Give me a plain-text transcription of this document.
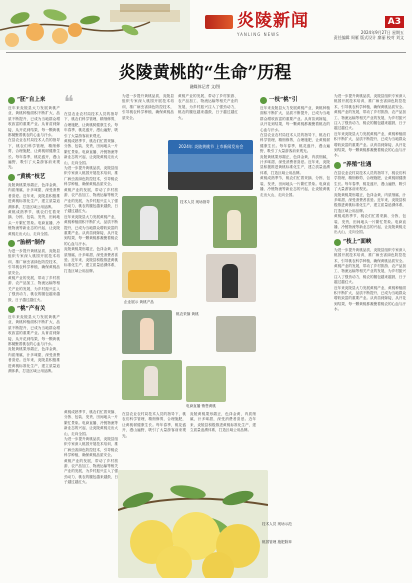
炎陵新闻
YANLING NEWS
A3
2024年9月27日 星期五
责任编辑 周雁 版式设计 廖丽 校对 刘文
炎陵黄桃的“生命”历程
融媒体记者 文/图
“胚”自上来
近年来炎陵县大力发展黄桃产业，黄桃种植面积不断扩大，品质不断提升，已成为当地群众增收致富的重要产业。从育苗到嫁接，从开花到结果，每一颗黄桃都凝聚着桃农的心血与汗水。
在县农业农村局技术人员的指导下，桃农们科学管理，精细修剪，合理施肥，让黄桃树健康生长。每年春季，桃花盛开，漫山遍野，吸引了大量游客前来观光。
“黄桃”枝艺
炎陵黄桃果形端正，色泽金黄，肉质细腻，汁多味甜，深受消费者喜爱。近年来，炎陵县积极推进黄桃标准化生产，建立质量追溯体系，打造区域公用品牌。
黄桃成熟季节，桃农们忙着采摘、分拣、包装、发货，田间地头一片繁忙景象。电商直播、冷链物流等新业态的兴起，让炎陵黄桃走出大山，走向全国。
“胎柄”制作
为进一步提升黄桃品质，炎陵县组织专家深入桃园开展技术培训，推广病虫害绿色防控技术，引导桃农科学种植，确保黄桃品质安全。
黄桃产业的发展，带动了乡村旅游、农产品加工、物流运输等相关产业的发展，为乡村振兴注入了强劲动力，桃农的腰包越来越鼓，日子越过越红火。
“桃”产有关
近年来炎陵县大力发展黄桃产业，黄桃种植面积不断扩大，品质不断提升，已成为当地群众增收致富的重要产业。从育苗到嫁接，从开花到结果，每一颗黄桃都凝聚着桃农的心血与汗水。
炎陵黄桃果形端正，色泽金黄，肉质细腻，汁多味甜，深受消费者喜爱。近年来，炎陵县积极推进黄桃标准化生产，建立质量追溯体系，打造区域公用品牌。
❝
在县农业农村局技术人员的指导下，桃农们科学管理，精细修剪，合理施肥，让黄桃树健康生长。每年春季，桃花盛开，漫山遍野，吸引了大量游客前来观光。
黄桃成熟季节，桃农们忙着采摘、分拣、包装、发货，田间地头一片繁忙景象。电商直播、冷链物流等新业态的兴起，让炎陵黄桃走出大山，走向全国。
为进一步提升黄桃品质，炎陵县组织专家深入桃园开展技术培训，推广病虫害绿色防控技术，引导桃农科学种植，确保黄桃品质安全。
黄桃产业的发展，带动了乡村旅游、农产品加工、物流运输等相关产业的发展，为乡村振兴注入了强劲动力，桃农的腰包越来越鼓，日子越过越红火。
近年来炎陵县大力发展黄桃产业，黄桃种植面积不断扩大，品质不断提升，已成为当地群众增收致富的重要产业。从育苗到嫁接，从开花到结果，每一颗黄桃都凝聚着桃农的心血与汗水。
炎陵黄桃果形端正，色泽金黄，肉质细腻，汁多味甜，深受消费者喜爱。近年来，炎陵县积极推进黄桃标准化生产，建立质量追溯体系，打造区域公用品牌。
为进一步提升黄桃品质，炎陵县组织专家深入桃园开展技术培训，推广病虫害绿色防控技术，引导桃农科学种植，确保黄桃品质安全。
黄桃产业的发展，带动了乡村旅游、农产品加工、物流运输等相关产业的发展，为乡村振兴注入了强劲动力，桃农的腰包越来越鼓，日子越过越红火。
2024年 炎陵黄桃节 上市新闻发布会
一枝“桃”引
近年来炎陵县大力发展黄桃产业，黄桃种植面积不断扩大，品质不断提升，已成为当地群众增收致富的重要产业。从育苗到嫁接，从开花到结果，每一颗黄桃都凝聚着桃农的心血与汗水。
在县农业农村局技术人员的指导下，桃农们科学管理，精细修剪，合理施肥，让黄桃树健康生长。每年春季，桃花盛开，漫山遍野，吸引了大量游客前来观光。
炎陵黄桃果形端正，色泽金黄，肉质细腻，汁多味甜，深受消费者喜爱。近年来，炎陵县积极推进黄桃标准化生产，建立质量追溯体系，打造区域公用品牌。
黄桃成熟季节，桃农们忙着采摘、分拣、包装、发货，田间地头一片繁忙景象。电商直播、冷链物流等新业态的兴起，让炎陵黄桃走出大山，走向全国。
为进一步提升黄桃品质，炎陵县组织专家深入桃园开展技术培训，推广病虫害绿色防控技术，引导桃农科学种植，确保黄桃品质安全。
黄桃产业的发展，带动了乡村旅游、农产品加工、物流运输等相关产业的发展，为乡村振兴注入了强劲动力，桃农的腰包越来越鼓，日子越过越红火。
近年来炎陵县大力发展黄桃产业，黄桃种植面积不断扩大，品质不断提升，已成为当地群众增收致富的重要产业。从育苗到嫁接，从开花到结果，每一颗黄桃都凝聚着桃农的心血与汗水。
“养殖”壮遇
在县农业农村局技术人员的指导下，桃农们科学管理，精细修剪，合理施肥，让黄桃树健康生长。每年春季，桃花盛开，漫山遍野，吸引了大量游客前来观光。
炎陵黄桃果形端正，色泽金黄，肉质细腻，汁多味甜，深受消费者喜爱。近年来，炎陵县积极推进黄桃标准化生产，建立质量追溯体系，打造区域公用品牌。
黄桃成熟季节，桃农们忙着采摘、分拣、包装、发货，田间地头一片繁忙景象。电商直播、冷链物流等新业态的兴起，让炎陵黄桃走出大山，走向全国。
“枝上”面峡
为进一步提升黄桃品质，炎陵县组织专家深入桃园开展技术培训，推广病虫害绿色防控技术，引导桃农科学种植，确保黄桃品质安全。
黄桃产业的发展，带动了乡村旅游、农产品加工、物流运输等相关产业的发展，为乡村振兴注入了强劲动力，桃农的腰包越来越鼓，日子越过越红火。
近年来炎陵县大力发展黄桃产业，黄桃种植面积不断扩大，品质不断提升，已成为当地群众增收致富的重要产业。从育苗到嫁接，从开花到结果，每一颗黄桃都凝聚着桃农的心血与汗水。
技术人员 现场指导
企业展示 黄桃产品
桃农采摘 黄桃
电商直播 销售黄桃
黄桃成熟季节，桃农们忙着采摘、分拣、包装、发货，田间地头一片繁忙景象。电商直播、冷链物流等新业态的兴起，让炎陵黄桃走出大山，走向全国。
为进一步提升黄桃品质，炎陵县组织专家深入桃园开展技术培训，推广病虫害绿色防控技术，引导桃农科学种植，确保黄桃品质安全。
黄桃产业的发展，带动了乡村旅游、农产品加工、物流运输等相关产业的发展，为乡村振兴注入了强劲动力，桃农的腰包越来越鼓，日子越过越红火。
在县农业农村局技术人员的指导下，桃农们科学管理，精细修剪，合理施肥，让黄桃树健康生长。每年春季，桃花盛开，漫山遍野，吸引了大量游客前来观光。
炎陵黄桃果形端正，色泽金黄，肉质细腻，汁多味甜，深受消费者喜爱。近年来，炎陵县积极推进黄桃标准化生产，建立质量追溯体系，打造区域公用品牌。
技术人员 现场示范
桃园管理 施肥除草
